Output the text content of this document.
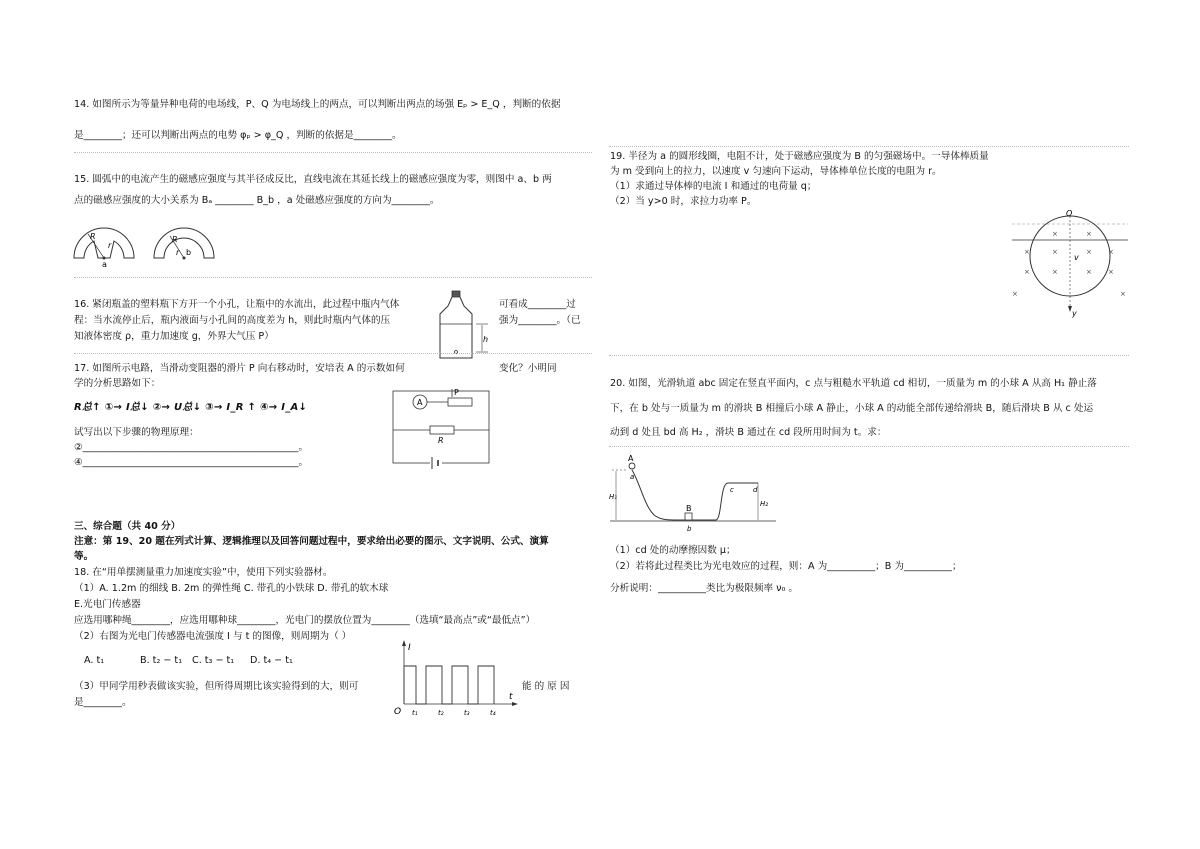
14. 如图所示为等量异种电荷的电场线，P、Q 为电场线上的两点，可以判断出两点的场强 Eₚ > E_Q ，判断的依据
是________；还可以判断出两点的电势 φₚ > φ_Q ，判断的依据是________。
15. 圆弧中的电流产生的磁感应强度与其半径成反比，直线电流在其延长线上的磁感应强度为零，则图中 a、b 两
点的磁感应强度的大小关系为 Bₐ ________ B_b ，a 处磁感应强度的方向为________。
R
r
a
R
r b
16. 紧闭瓶盖的塑料瓶下方开一个小孔，让瓶中的水流出，此过程中瓶内气体
程：当水流停止后，瓶内液面与小孔间的高度差为 h，则此时瓶内气体的压
知液体密度 ρ，重力加速度 g，外界大气压 P）
可看成________过
强为________。（已
h
17. 如图所示电路，当滑动变阻器的滑片 P 向右移动时，安培表 A 的示数如何	变化？小明同
学的分析思路如下：
R总↑ ①→ I总↓ ②→ U总↓ ③→ I_R ↑ ④→ I_A↓
试写出以下步骤的物理原理：
②_____________________________________________。
④_____________________________________________。
A
P
R
三、综合题（共 40 分）
注意：第 19、20 题在列式计算、逻辑推理以及回答问题过程中，要求给出必要的图示、文字说明、公式、演算
等。
18. 在“用单摆测量重力加速度实验”中，使用下列实验器材。
（1）A. 1.2m 的细线 B. 2m 的弹性绳 C. 带孔的小铁球 D. 带孔的软木球
E.光电门传感器
应选用哪种绳________，应选用哪种球________，光电门的摆放位置为________（选填“最高点”或“最低点”）
（2）右图为光电门传感器电流强度 I 与 t 的图像，则周期为（ ）
A. t₁	B. t₂ − t₁ C. t₃ − t₁ D. t₄ − t₁
（3）甲同学用秒表做该实验，但所得周期比该实验得到的大，则可	能 的 原 因
是________。
I
t
O t₁	t₂	t₃	t₄
19. 半径为 a 的圆形线圈，电阻不计，处于磁感应强度为 B 的匀强磁场中。一导体棒质量
为 m 受到向上的拉力，以速度 v 匀速向下运动，导体棒单位长度的电阻为 r。
（1）求通过导体棒的电流 I 和通过的电荷量 q；
（2）当 y>0 时，求拉力功率 P。
O
v
y
×	×
×	×	× ×
×	×	× ×
×	×
20. 如图，光滑轨道 abc 固定在竖直平面内，c 点与粗糙水平轨道 cd 相切，一质量为 m 的小球 A 从高 H₁ 静止落
下，在 b 处与一质量为 m 的滑块 B 相撞后小球 A 静止，小球 A 的动能全部传递给滑块 B，随后滑块 B 从 c 处运
动到 d 处且 bd 高 H₂ ，滑块 B 通过在 cd 段所用时间为 t。求：
A
a
H₁
B
b
c	d
H₂
（1）cd 处的动摩擦因数 μ；
（2）若将此过程类比为光电效应的过程，则：A 为__________；B 为__________；
分析说明：__________类比为极限频率 ν₀ 。
